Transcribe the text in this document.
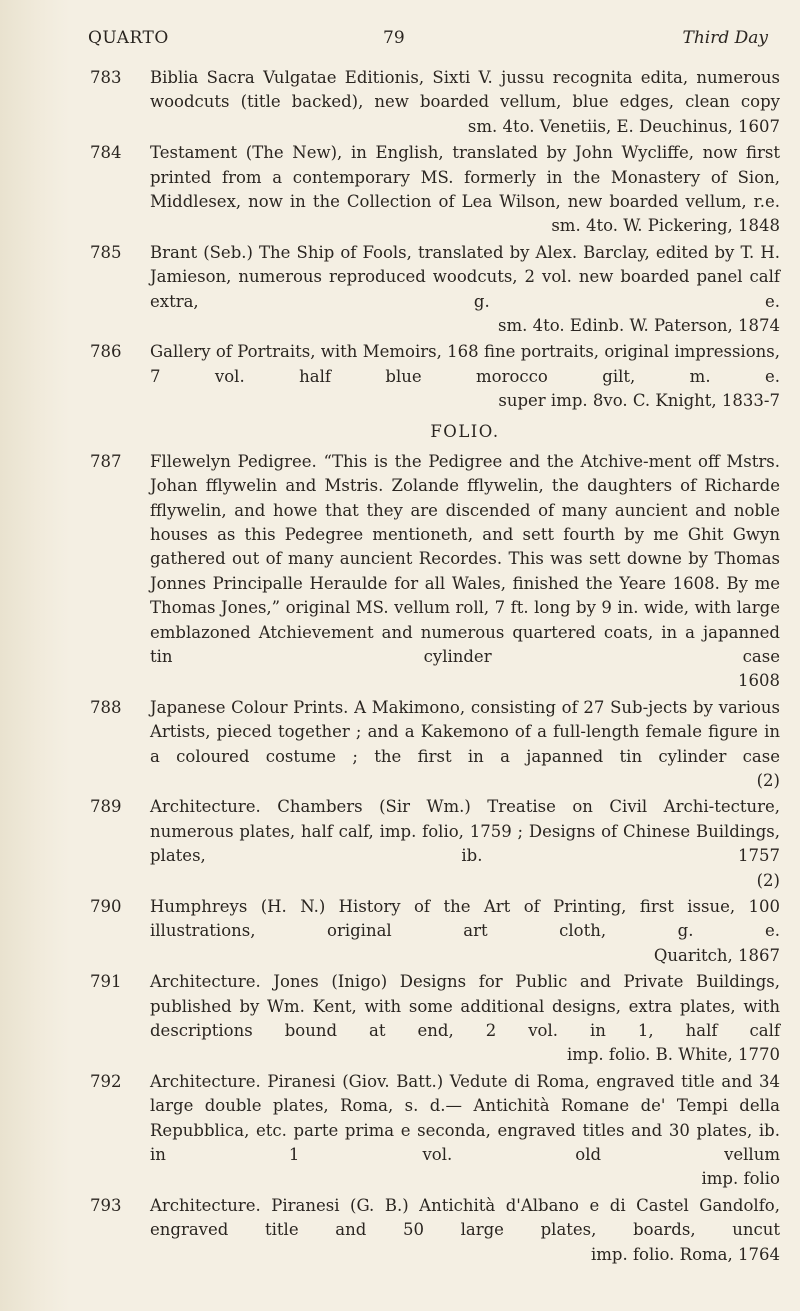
QUARTO	79	Third Day
783	Biblia Sacra Vulgatae Editionis, Sixti V. jussu recognita edita, numerous woodcuts (title backed), new boarded vellum, blue edges, clean copy

sm. 4to. Venetiis, E. Deuchinus, 1607

784	Testament (The New), in English, translated by John Wycliffe, now first printed from a contemporary MS. formerly in the Monastery of Sion, Middlesex, now in the Collection of Lea Wilson, new boarded vellum, r.e.

sm. 4to. W. Pickering, 1848

785	Brant (Seb.) The Ship of Fools, translated by Alex. Barclay, edited by T. H. Jamieson, numerous reproduced woodcuts, 2 vol. new boarded panel calf extra, g. e.

sm. 4to. Edinb. W. Paterson, 1874

786	Gallery of Portraits, with Memoirs, 168 fine portraits, original impressions, 7 vol. half blue morocco gilt, m. e.

super imp. 8vo. C. Knight, 1833-7

FOLIO.
787	Fllewelyn Pedigree. “This is the Pedigree and the Atchive-ment off Mstrs. Johan fflywelin and Mstris. Zolande fflywelin, the daughters of Richarde fflywelin, and howe that they are discended of many auncient and noble houses as this Pedegree mentioneth, and sett fourth by me Ghit Gwyn gathered out of many auncient Recordes. This was sett downe by Thomas Jonnes Principalle Heraulde for all Wales, finished the Yeare 1608. By me Thomas Jones,” original MS. vellum roll, 7 ft. long by 9 in. wide, with large emblazoned Atchievement and numerous quartered coats, in a japanned tin cylinder case

1608

788	Japanese Colour Prints. A Makimono, consisting of 27 Sub-jects by various Artists, pieced together ; and a Kakemono of a full-length female figure in a coloured costume ; the first in a japanned tin cylinder case

(2)

789	Architecture. Chambers (Sir Wm.) Treatise on Civil Archi-tecture, numerous plates, half calf, imp. folio, 1759 ; Designs of Chinese Buildings, plates, ib. 1757

(2)

790	Humphreys (H. N.) History of the Art of Printing, first issue, 100 illustrations, original art cloth, g. e.

Quaritch, 1867

791	Architecture. Jones (Inigo) Designs for Public and Private Buildings, published by Wm. Kent, with some additional designs, extra plates, with descriptions bound at end, 2 vol. in 1, half calf

imp. folio. B. White, 1770

792	Architecture. Piranesi (Giov. Batt.) Vedute di Roma, engraved title and 34 large double plates, Roma, s. d.— Antichità Romane de' Tempi della Repubblica, etc. parte prima e seconda, engraved titles and 30 plates, ib. in 1 vol. old vellum

imp. folio

793	Architecture. Piranesi (G. B.) Antichità d'Albano e di Castel Gandolfo, engraved title and 50 large plates, boards, uncut

imp. folio. Roma, 1764
